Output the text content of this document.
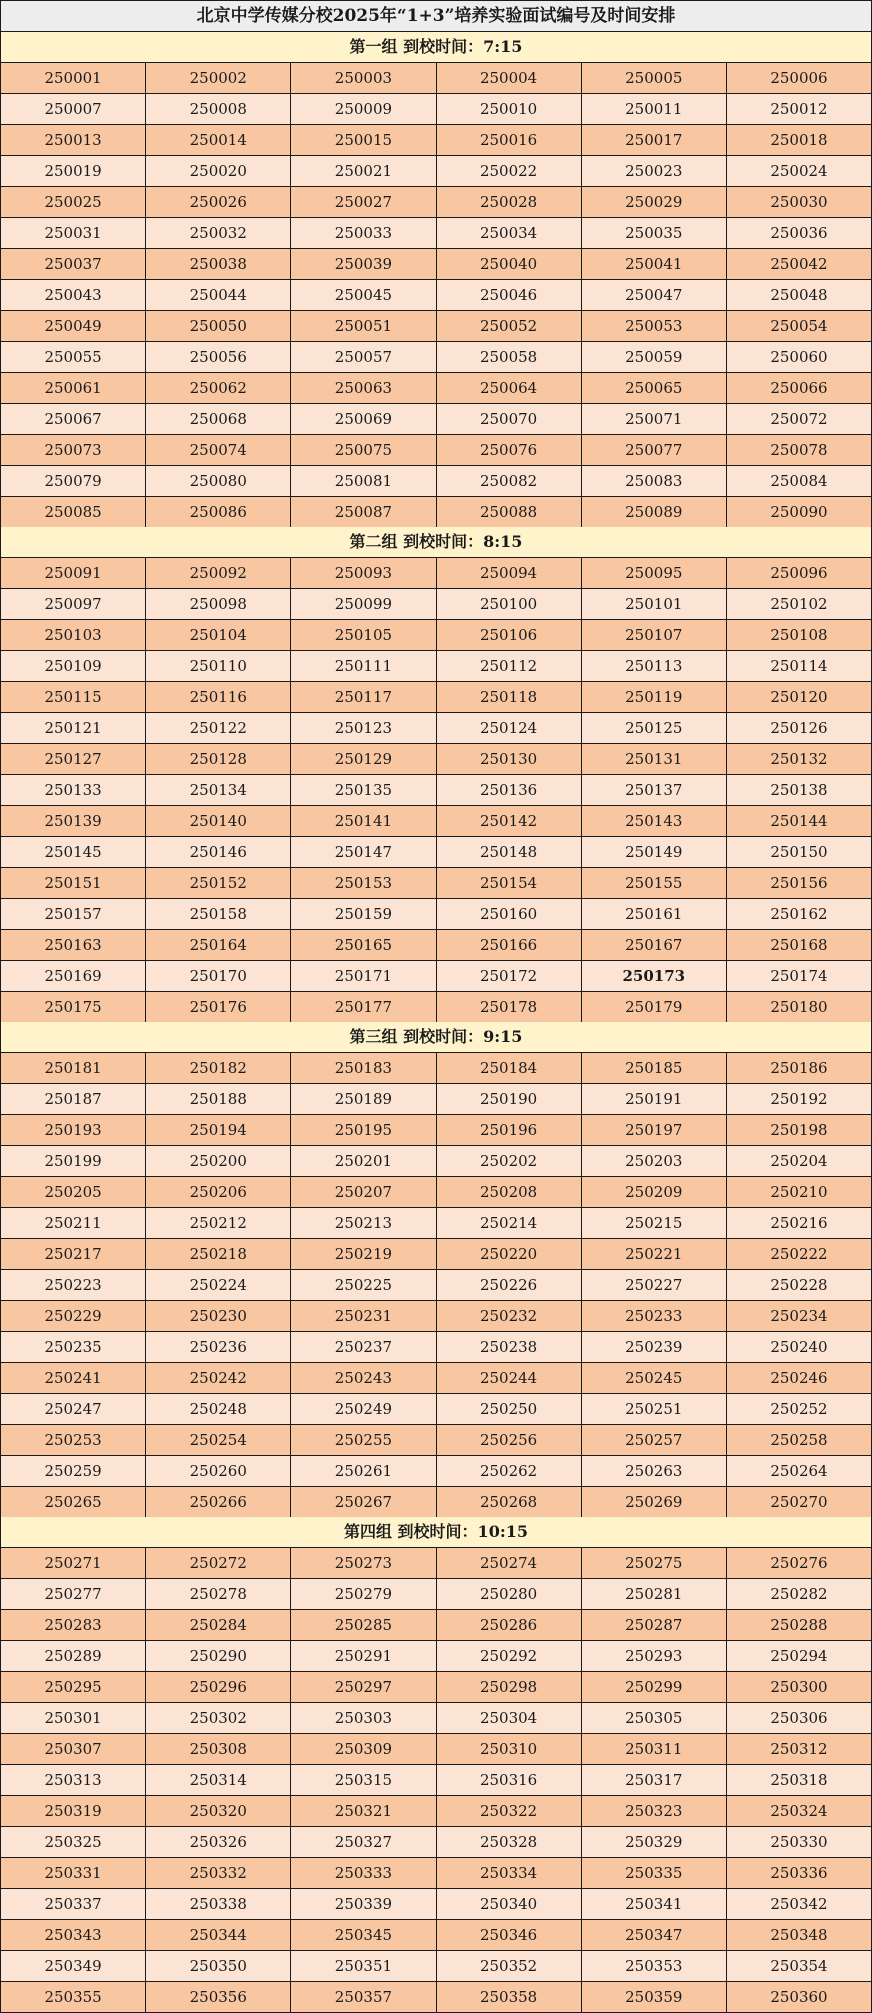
北京中学传媒分校2025年“1+3”培养实验面试编号及时间安排
第一组 到校时间：7:15
250001	250002	250003	250004	250005	250006
250007	250008	250009	250010	250011	250012
250013	250014	250015	250016	250017	250018
250019	250020	250021	250022	250023	250024
250025	250026	250027	250028	250029	250030
250031	250032	250033	250034	250035	250036
250037	250038	250039	250040	250041	250042
250043	250044	250045	250046	250047	250048
250049	250050	250051	250052	250053	250054
250055	250056	250057	250058	250059	250060
250061	250062	250063	250064	250065	250066
250067	250068	250069	250070	250071	250072
250073	250074	250075	250076	250077	250078
250079	250080	250081	250082	250083	250084
250085	250086	250087	250088	250089	250090
第二组 到校时间：8:15
250091	250092	250093	250094	250095	250096
250097	250098	250099	250100	250101	250102
250103	250104	250105	250106	250107	250108
250109	250110	250111	250112	250113	250114
250115	250116	250117	250118	250119	250120
250121	250122	250123	250124	250125	250126
250127	250128	250129	250130	250131	250132
250133	250134	250135	250136	250137	250138
250139	250140	250141	250142	250143	250144
250145	250146	250147	250148	250149	250150
250151	250152	250153	250154	250155	250156
250157	250158	250159	250160	250161	250162
250163	250164	250165	250166	250167	250168
250169	250170	250171	250172	250173	250174
250175	250176	250177	250178	250179	250180
第三组 到校时间：9:15
250181	250182	250183	250184	250185	250186
250187	250188	250189	250190	250191	250192
250193	250194	250195	250196	250197	250198
250199	250200	250201	250202	250203	250204
250205	250206	250207	250208	250209	250210
250211	250212	250213	250214	250215	250216
250217	250218	250219	250220	250221	250222
250223	250224	250225	250226	250227	250228
250229	250230	250231	250232	250233	250234
250235	250236	250237	250238	250239	250240
250241	250242	250243	250244	250245	250246
250247	250248	250249	250250	250251	250252
250253	250254	250255	250256	250257	250258
250259	250260	250261	250262	250263	250264
250265	250266	250267	250268	250269	250270
第四组 到校时间：10:15
250271	250272	250273	250274	250275	250276
250277	250278	250279	250280	250281	250282
250283	250284	250285	250286	250287	250288
250289	250290	250291	250292	250293	250294
250295	250296	250297	250298	250299	250300
250301	250302	250303	250304	250305	250306
250307	250308	250309	250310	250311	250312
250313	250314	250315	250316	250317	250318
250319	250320	250321	250322	250323	250324
250325	250326	250327	250328	250329	250330
250331	250332	250333	250334	250335	250336
250337	250338	250339	250340	250341	250342
250343	250344	250345	250346	250347	250348
250349	250350	250351	250352	250353	250354
250355	250356	250357	250358	250359	250360
